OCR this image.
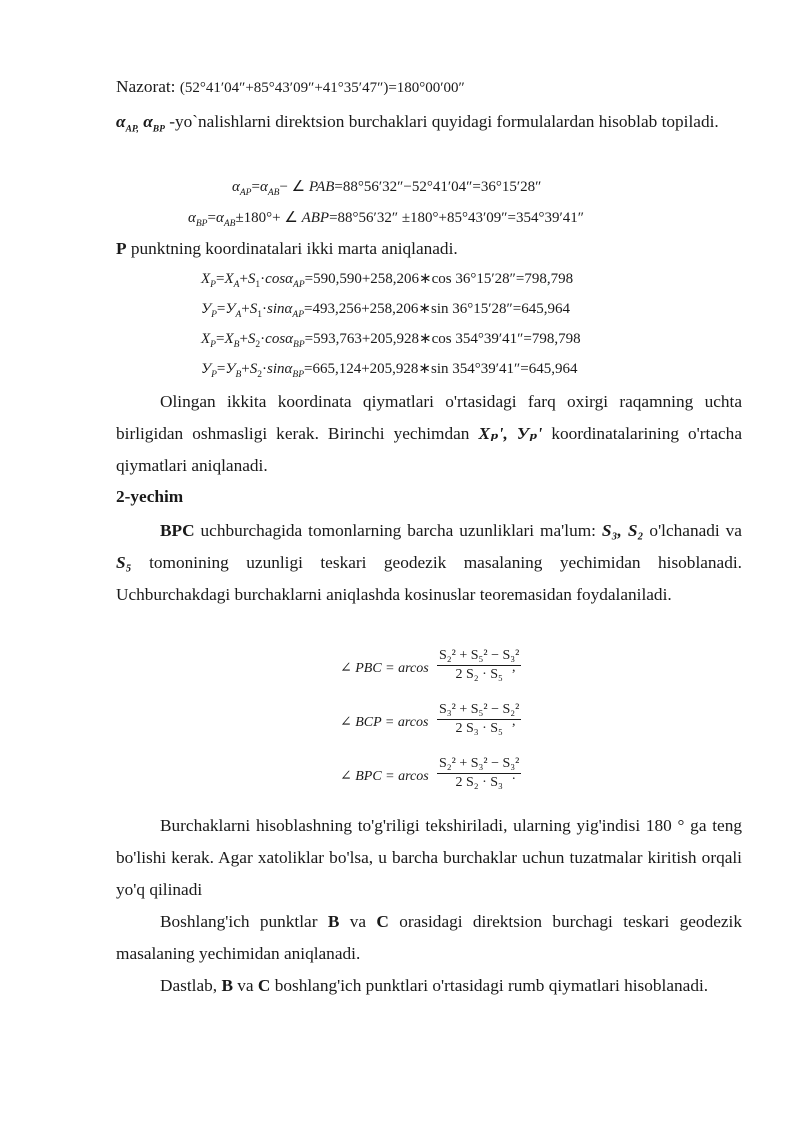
Nazorat: (52°41′04″+85°43′09″+41°35′47″)=180°00′00″

$\alpha_{AP,}$ $\alpha_{BP}$ -yo`nalishlarni direktsion burchaklari quyidagi formulalardan hisoblab topiladi.

$\alpha_{AP}=\alpha_{AB}-$ ∠ PAB=88°56′32″−52°41′04″=36°15′28″
$\alpha_{BP}=\alpha_{AB}\pm 180^\circ+$ ∠ ABP=88°56′32″ ±180°+85°43′09″=354°39′41″
P punktning koordinatalari ikki marta aniqlanadi.
$X_P=X_A+S_1\cdot\cos\alpha_{AP}=590,590+258,206∗\cos$ 36°15′28″=798,798
$У_P=У_A+S_1\cdot\sin\alpha_{AP}=493,256+258,206∗\sin$ 36°15′28″=645,964
$X_P=X_B+S_2\cdot\cos\alpha_{BP}=593,763+205,928∗\cos$ 354°39′41″=798,798
$У_P=У_B+S_2\cdot\sin\alpha_{BP}=665,124+205,928∗\sin$ 354°39′41″=645,964

Olingan ikkita koordinata qiymatlari o'rtasidagi farq oxirgi raqamning uchta birligidan oshmasligi kerak. Birinchi yechimdan Xₚ', Уₚ' koordinatalarining o'rtacha qiymatlari aniqlanadi.

2-yechim

BPC uchburchagida tomonlarning barcha uzunliklari ma'lum: S₃, S₂ o'lchanadi va S₅ tomonining uzunligi teskari geodezik masalaning yechimidan hisoblanadi. Uchburchakdagi burchaklarni aniqlashda kosinuslar teoremasidan foydalaniladi.

∠ PBC = arcos $\frac{\text{S₂² + S₅² − S₃²}}{\text{2 S₂ · S₅}}$
,
∠ BCP = arcos $\frac{\text{S₃² + S₅² − S₂²}}{\text{2 S₃ · S₅}}$
,
∠ BPC = arcos $\frac{\text{S₂² + S₃² − S₃²}}{\text{2 S₂ · S₃}}$
.

Burchaklarni hisoblashning to'g'riligi tekshiriladi, ularning yig'indisi 180 ° ga teng bo'lishi kerak. Agar xatoliklar bo'lsa, u barcha burchaklar uchun tuzatmalar kiritish orqali yo'q qilinadi

Boshlang'ich punktlar B va C orasidagi direktsion burchagi teskari geodezik masalaning yechimidan aniqlanadi.

Dastlab, B va C boshlang'ich punktlari o'rtasidagi rumb qiymatlari hisoblanadi.
